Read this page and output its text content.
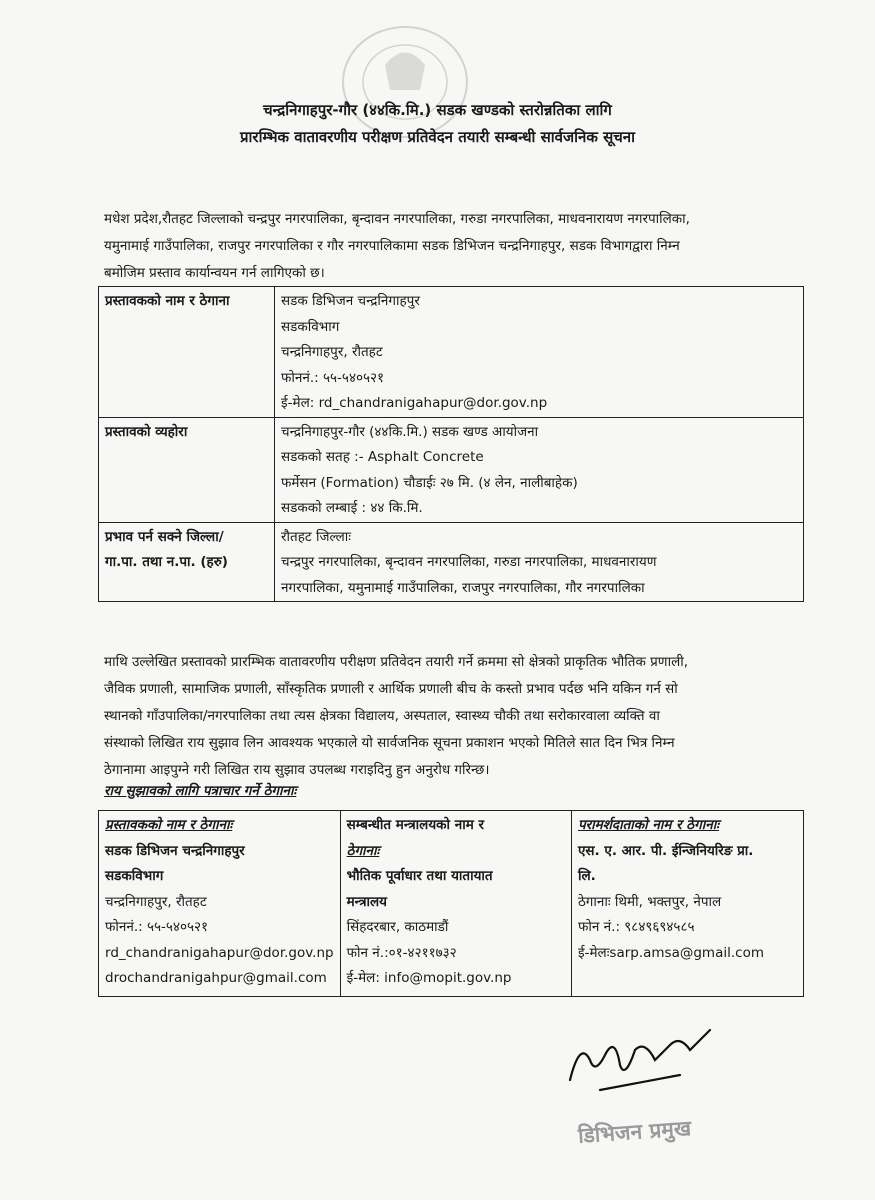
चन्द्रनिगाहपुर-गौर (४४कि.मि.) सडक खण्डको स्तरोन्नतिका लागि
प्रारम्भिक वातावरणीय परीक्षण प्रतिवेदन तयारी सम्बन्धी सार्वजनिक सूचना
मधेश प्रदेश,रौतहट जिल्लाको चन्द्रपुर नगरपालिका, बृन्दावन नगरपालिका, गरुडा नगरपालिका, माधवनारायण नगरपालिका,
यमुनामाई गाउँपालिका, राजपुर नगरपालिका र गौर नगरपालिकामा सडक डिभिजन चन्द्रनिगाहपुर, सडक विभागद्वारा निम्न
बमोजिम प्रस्ताव कार्यान्वयन गर्न लागिएको छ।
प्रस्तावकको नाम र ठेगाना	सडक डिभिजन चन्द्रनिगाहपुर
सडकविभाग
चन्द्रनिगाहपुर, रौतहट
फोननं.: ५५-५४०५२१
ई-मेल: rd_chandranigahapur@dor.gov.np

प्रस्तावको व्यहोरा	चन्द्रनिगाहपुर-गौर (४४कि.मि.) सडक खण्ड आयोजना
सडकको सतह :- Asphalt Concrete
फर्मेसन (Formation) चौडाईः २७ मि. (४ लेन, नालीबाहेक)
सडकको लम्बाई : ४४ कि.मि.

प्रभाव पर्न सक्ने जिल्ला/
गा.पा. तथा न.पा. (हरु)	रौतहट जिल्लाः
चन्द्रपुर नगरपालिका, बृन्दावन नगरपालिका, गरुडा नगरपालिका, माधवनारायण
नगरपालिका, यमुनामाई गाउँपालिका, राजपुर नगरपालिका, गौर नगरपालिका
माथि उल्लेखित प्रस्तावको प्रारम्भिक वातावरणीय परीक्षण प्रतिवेदन तयारी गर्ने क्रममा सो क्षेत्रको प्राकृतिक भौतिक प्रणाली,
जैविक प्रणाली, सामाजिक प्रणाली, साँस्कृतिक प्रणाली र आर्थिक प्रणाली बीच के कस्तो प्रभाव पर्दछ भनि यकिन गर्न सो
स्थानको गाँउपालिका/नगरपालिका तथा त्यस क्षेत्रका विद्यालय, अस्पताल, स्वास्थ्य चौकी तथा सरोकारवाला व्यक्ति वा
संस्थाको लिखित राय सुझाव लिन आवश्यक भएकाले यो सार्वजनिक सूचना प्रकाशन भएको मितिले सात दिन भित्र निम्न
ठेगानामा आइपुग्ने गरी लिखित राय सुझाव उपलब्ध गराइदिनु हुन अनुरोध गरिन्छ।
राय सुझावको लागि पत्राचार गर्ने ठेगानाः
प्रस्तावकको नाम र ठेगानाः
सडक डिभिजन चन्द्रनिगाहपुर
सडकविभाग
चन्द्रनिगाहपुर, रौतहट
फोननं.: ५५-५४०५२१
rd_chandranigahapur@dor.gov.np
drochandranigahpur@gmail.com

सम्बन्धीत मन्त्रालयको नाम र
ठेगानाः
भौतिक पूर्वाधार तथा यातायात
मन्त्रालय
सिंहदरबार, काठमाडौं
फोन नं.:०१-४२११७३२
ई-मेल: info@mopit.gov.np

परामर्शदाताको नाम र ठेगानाः
एस. ए. आर. पी. ईन्जिनियरिङ प्रा.
लि.
ठेगानाः थिमी, भक्तपुर, नेपाल
फोन नं.: ९८४९६९४५८५
ई-मेलःsarp.amsa@gmail.com
डिभिजन प्रमुख
